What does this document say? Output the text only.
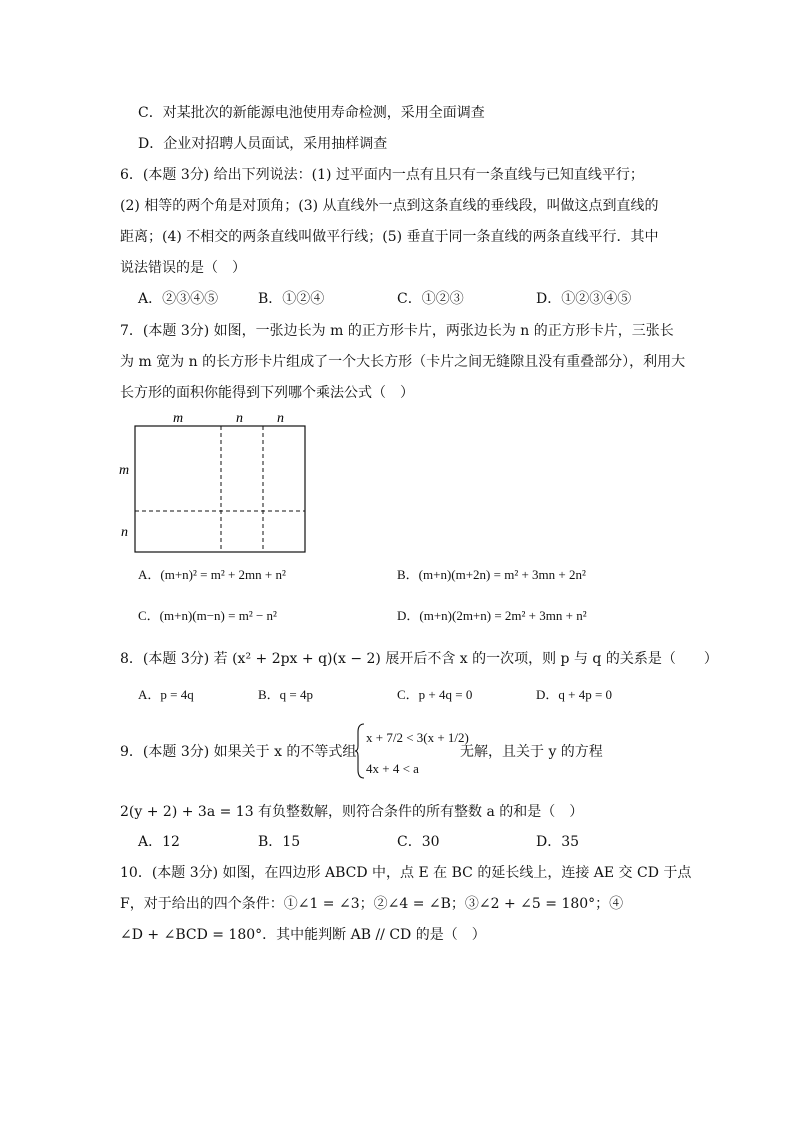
C．对某批次的新能源电池使用寿命检测，采用全面调查
D．企业对招聘人员面试，采用抽样调查
6．(本题 3分) 给出下列说法：(1) 过平面内一点有且只有一条直线与已知直线平行；
(2) 相等的两个角是对顶角；(3) 从直线外一点到这条直线的垂线段，叫做这点到直线的
距离；(4) 不相交的两条直线叫做平行线；(5) 垂直于同一条直线的两条直线平行．其中
说法错误的是（　）
A．②③④⑤	B．①②④	C．①②③	D．①②③④⑤
7．(本题 3分) 如图，一张边长为 m 的正方形卡片，两张边长为 n 的正方形卡片，三张长
为 m 宽为 n 的长方形卡片组成了一个大长方形（卡片之间无缝隙且没有重叠部分），利用大
长方形的面积你能得到下列哪个乘法公式（　）
m	n n
m
n
A．(m+n)² = m² + 2mn + n²	B．(m+n)(m+2n) = m² + 3mn + 2n²
C．(m+n)(m−n) = m² − n²	D．(m+n)(2m+n) = 2m² + 3mn + n²
8．(本题 3分) 若 (x² + 2px + q)(x − 2) 展开后不含 x 的一次项，则 p 与 q 的关系是（　　）
A．p = 4q	B．q = 4p	C．p + 4q = 0	D．q + 4p = 0
9．(本题 3分) 如果关于 x 的不等式组
x + 7/2 < 3(x + 1/2)
4x + 4 < a
无解，且关于 y 的方程
2(y + 2) + 3a = 13 有负整数解，则符合条件的所有整数 a 的和是（　）
A．12	B．15	C．30	D．35
10．(本题 3分) 如图，在四边形 ABCD 中，点 E 在 BC 的延长线上，连接 AE 交 CD 于点
F，对于给出的四个条件：①∠1 = ∠3；②∠4 = ∠B；③∠2 + ∠5 = 180°；④
∠D + ∠BCD = 180°．其中能判断 AB // CD 的是（　）
